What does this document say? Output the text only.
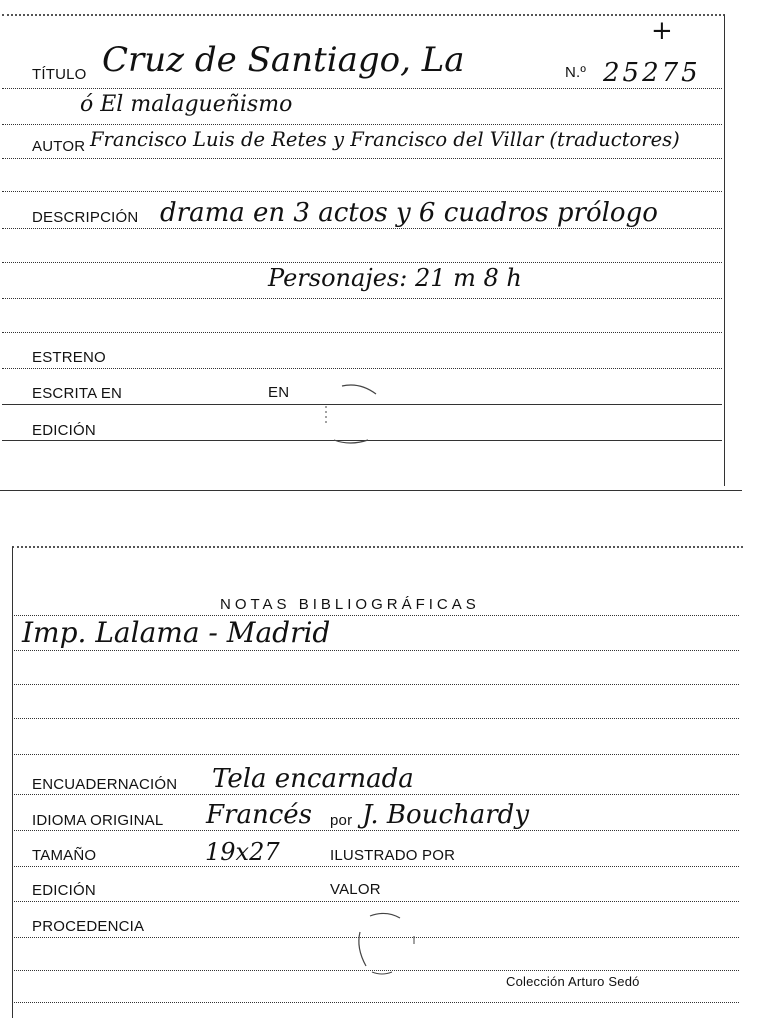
+
TÍTULO Cruz de Santiago, La	N.º 25275
ó El malagueñismo
AUTOR Francisco Luis de Retes y Francisco del Villar (traductores)
DESCRIPCIÓN drama en 3 actos y 6 cuadros prólogo
Personajes: 21 m 8 h
ESTRENO
ESCRITA EN	EN
EDICIÓN
NOTAS BIBLIOGRÁFICAS
Imp. Lalama - Madrid
ENCUADERNACIÓN Tela encarnada
IDIOMA ORIGINAL Francés por J. Bouchardy
TAMAÑO	19x27	ILUSTRADO POR
EDICIÓN	VALOR
PROCEDENCIA
Colección Arturo Sedó
